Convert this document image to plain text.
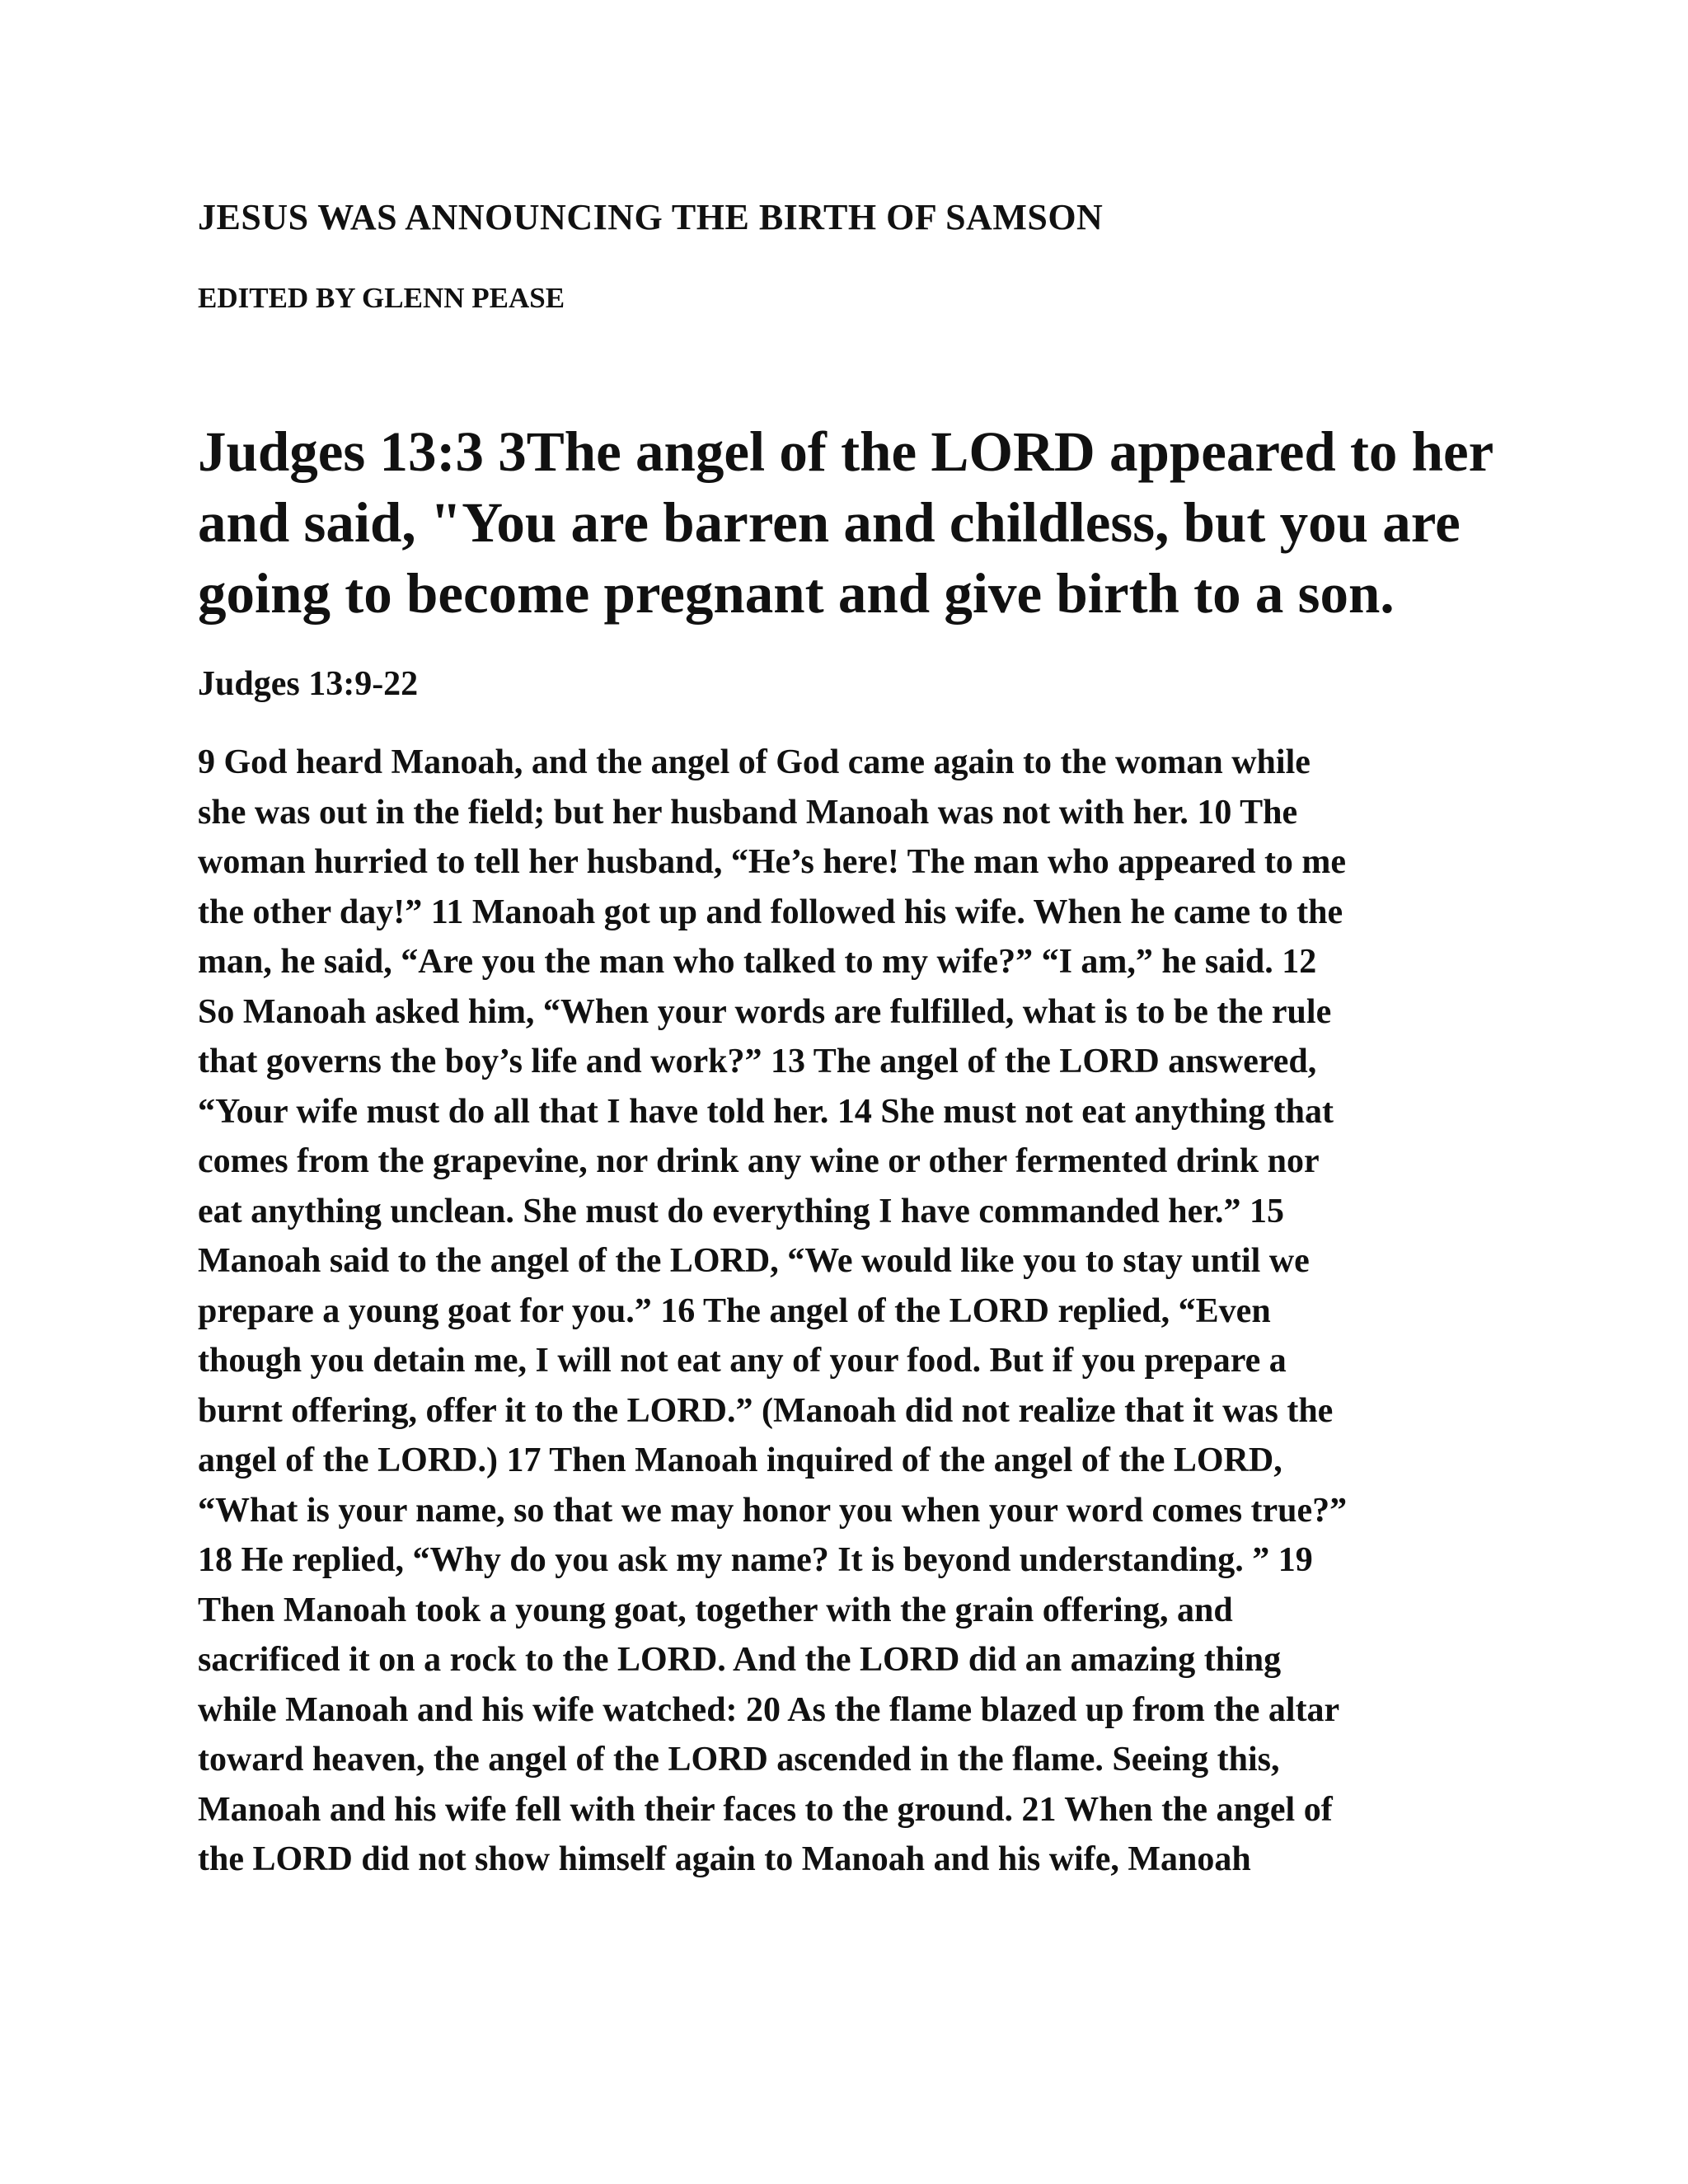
JESUS WAS ANNOUNCING THE BIRTH OF SAMSON
EDITED BY GLENN PEASE

Judges 13:3 3The angel of the LORD appeared to her and said, "You are barren and childless, but you are going to become pregnant and give birth to a son.

Judges 13:9-22

9 God heard Manoah, and the angel of God came again to the woman while
she was out in the field; but her husband Manoah was not with her. 10 The
woman hurried to tell her husband, “He’s here! The man who appeared to me
the other day!” 11 Manoah got up and followed his wife. When he came to the
man, he said, “Are you the man who talked to my wife?” “I am,” he said. 12
So Manoah asked him, “When your words are fulfilled, what is to be the rule
that governs the boy’s life and work?” 13 The angel of the LORD answered,
“Your wife must do all that I have told her. 14 She must not eat anything that
comes from the grapevine, nor drink any wine or other fermented drink nor
eat anything unclean. She must do everything I have commanded her.” 15
Manoah said to the angel of the LORD, “We would like you to stay until we
prepare a young goat for you.” 16 The angel of the LORD replied, “Even
though you detain me, I will not eat any of your food. But if you prepare a
burnt offering, offer it to the LORD.” (Manoah did not realize that it was the
angel of the LORD.) 17 Then Manoah inquired of the angel of the LORD,
“What is your name, so that we may honor you when your word comes true?”
18 He replied, “Why do you ask my name? It is beyond understanding. ” 19
Then Manoah took a young goat, together with the grain offering, and
sacrificed it on a rock to the LORD. And the LORD did an amazing thing
while Manoah and his wife watched: 20 As the flame blazed up from the altar
toward heaven, the angel of the LORD ascended in the flame. Seeing this,
Manoah and his wife fell with their faces to the ground. 21 When the angel of
the LORD did not show himself again to Manoah and his wife, Manoah
